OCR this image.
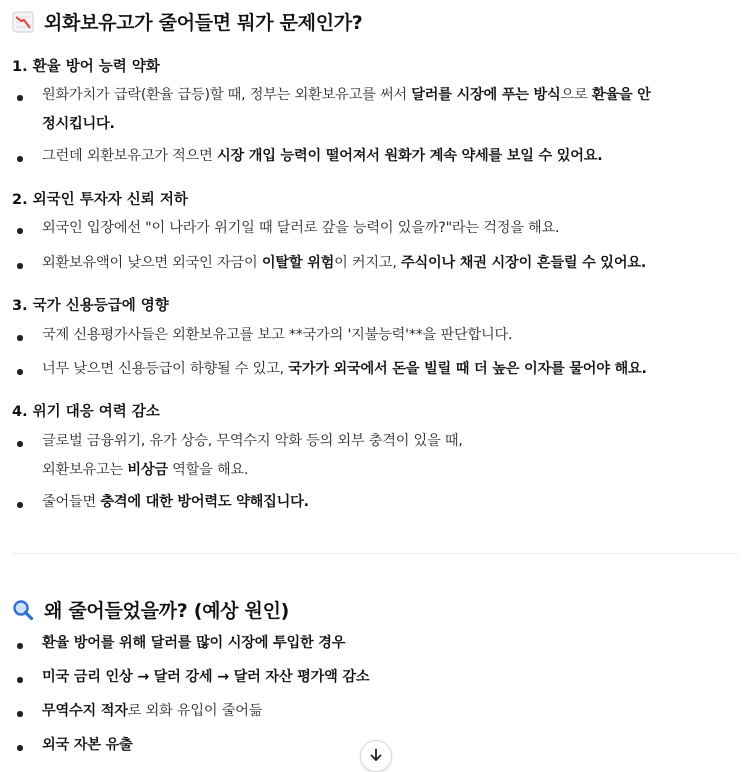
외화보유고가 줄어들면 뭐가 문제인가?
1. 환율 방어 능력 약화
원화가치가 급락(환율 급등)할 때, 정부는 외환보유고를 써서 달러를 시장에 푸는 방식으로 환율을 안
정시킵니다.
그런데 외환보유고가 적으면 시장 개입 능력이 떨어져서 원화가 계속 약세를 보일 수 있어요.
2. 외국인 투자자 신뢰 저하
외국인 입장에선 "이 나라가 위기일 때 달러로 갚을 능력이 있을까?"라는 걱정을 해요.
외환보유액이 낮으면 외국인 자금이 이탈할 위험이 커지고, 주식이나 채권 시장이 흔들릴 수 있어요.
3. 국가 신용등급에 영향
국제 신용평가사들은 외환보유고를 보고 **국가의 '지불능력'**을 판단합니다.
너무 낮으면 신용등급이 하향될 수 있고, 국가가 외국에서 돈을 빌릴 때 더 높은 이자를 물어야 해요.
4. 위기 대응 여력 감소
글로벌 금융위기, 유가 상승, 무역수지 악화 등의 외부 충격이 있을 때,
외환보유고는 비상금 역할을 해요.
줄어들면 충격에 대한 방어력도 약해집니다.
왜 줄어들었을까? (예상 원인)
환율 방어를 위해 달러를 많이 시장에 투입한 경우
미국 금리 인상 → 달러 강세 → 달러 자산 평가액 감소
무역수지 적자로 외화 유입이 줄어듦
외국 자본 유출
